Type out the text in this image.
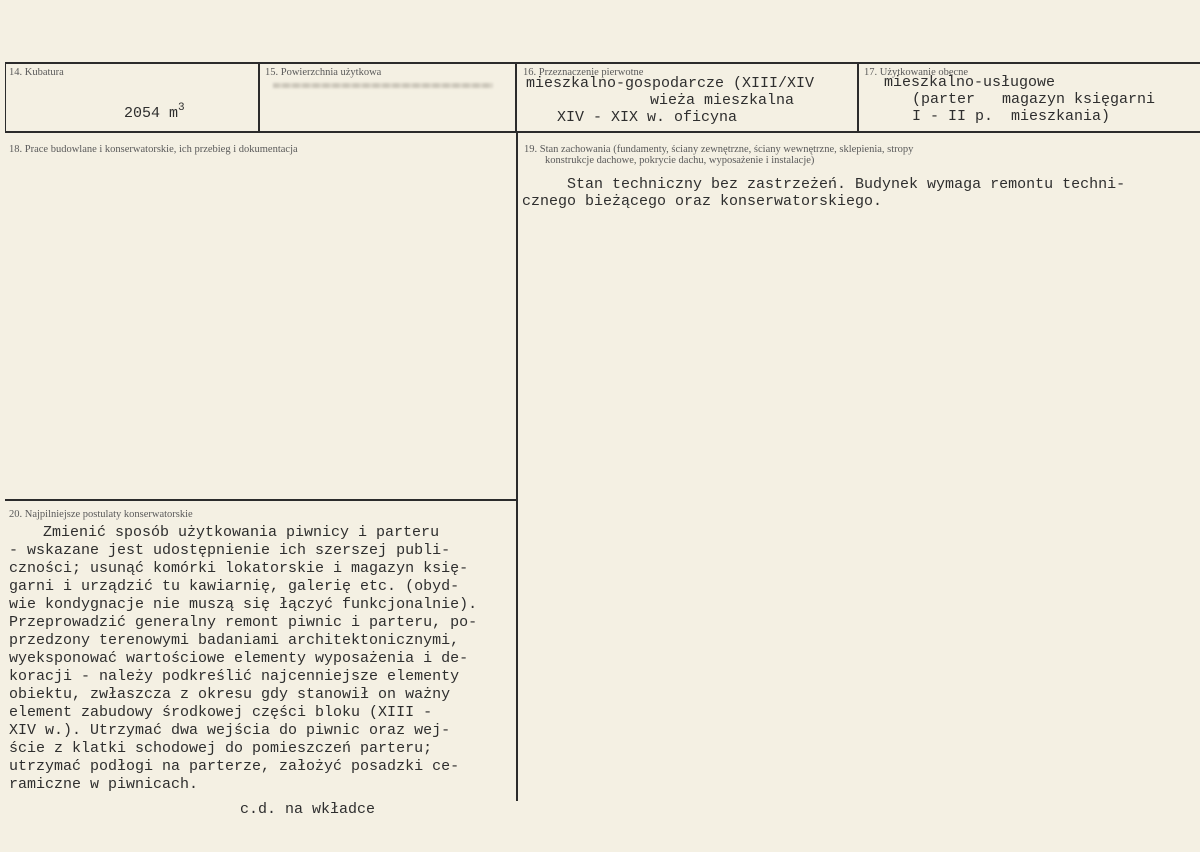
14. Kubatura

2054 $m^3$

15. Powierzchnia użytkowa	16. Przeznaczenie pierwotne
mieszkalno-gospodarcze (XIII/XIV
wieża mieszkalna
XIV - XIX w. oficyna
17. Użytkowanie obecne
mieszkalno-usługowe
(parter   magazyn księgarni
I - II p.  mieszkania)
18. Prace budowlane i konserwatorskie, ich przebieg i dokumentacja	19. Stan zachowania (fundamenty, ściany zewnętrzne, ściany wewnętrzne, sklepienia, stropy
konstrukcje dachowe, pokrycie dachu, wyposażenie i instalacje)
Stan techniczny bez zastrzeżeń. Budynek wymaga remontu techni-
cznego bieżącego oraz konserwatorskiego.
20. Najpilniejsze postulaty konserwatorskie
Zmienić sposób użytkowania piwnicy i parteru
- wskazane jest udostępnienie ich szerszej publi-
czności; usunąć komórki lokatorskie i magazyn księ-
garni i urządzić tu kawiarnię, galerię etc. (obyd-
wie kondygnacje nie muszą się łączyć funkcjonalnie).
Przeprowadzić generalny remont piwnic i parteru, po-
przedzony terenowymi badaniami architektonicznymi,
wyeksponować wartościowe elementy wyposażenia i de-
koracji - należy podkreślić najcenniejsze elementy
obiektu, zwłaszcza z okresu gdy stanowił on ważny
element zabudowy środkowej części bloku (XIII -
XIV w.). Utrzymać dwa wejścia do piwnic oraz wej-
ście z klatki schodowej do pomieszczeń parteru;
utrzymać podłogi na parterze, założyć posadzki ce-
ramiczne w piwnicach.
c.d. na wkładce
